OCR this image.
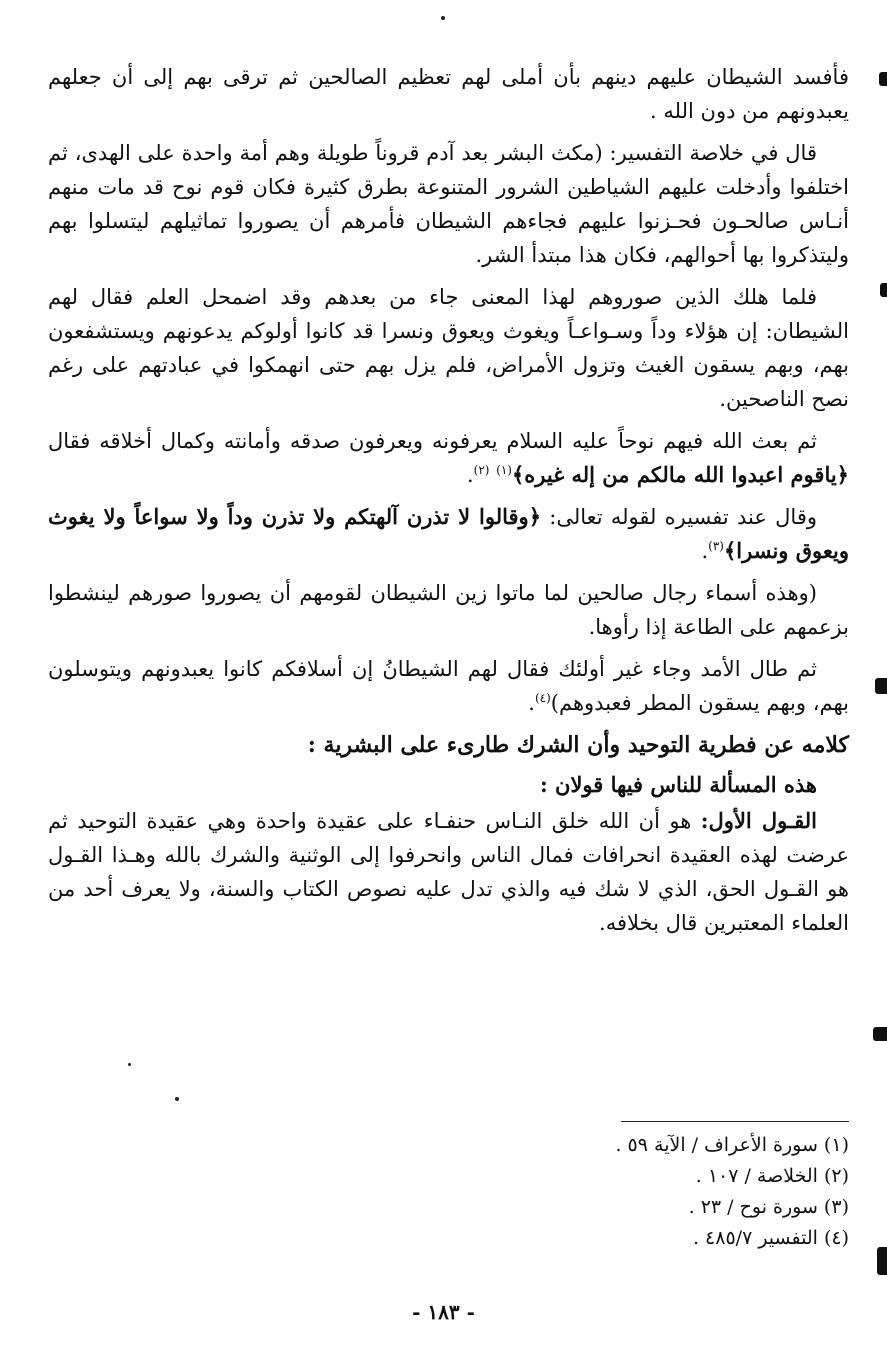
فأفسد الشيطان عليهم دينهم بأن أملى لهم تعظيم الصالحين ثم ترقى بهم إلى أن جعلهم يعبدونهم من دون الله .

قال في خلاصة التفسير: (مكث البشر بعد آدم قروناً طويلة وهم أمة واحدة على الهدى، ثم اختلفوا وأدخلت عليهم الشياطين الشرور المتنوعة بطرق كثيرة فكان قوم نوح قد مات منهم أنـاس صالحـون فحـزنوا عليهم فجاءهم الشيطان فأمرهم أن يصوروا تماثيلهم ليتسلوا بهم وليتذكروا بها أحوالهم، فكان هذا مبتدأ الشر.

فلما هلك الذين صوروهم لهذا المعنى جاء من بعدهم وقد اضمحل العلم فقال لهم الشيطان: إن هؤلاء وداً وسـواعـاً ويغوث ويعوق ونسرا قد كانوا أولوكم يدعونهم ويستشفعون بهم، وبهم يسقون الغيث وتزول الأمراض، فلم يزل بهم حتى انهمكوا في عبادتهم على رغم نصح الناصحين.

ثم بعث الله فيهم نوحاً عليه السلام يعرفونه ويعرفون صدقه وأمانته وكمال أخلاقه فقال ﴿ياقوم اعبدوا الله مالكم من إله غيره﴾$^{(١)}$ $^{(٢)}$.

وقال عند تفسيره لقوله تعالى: ﴿وقالوا لا تذرن آلهتكم ولا تذرن وداً ولا سواعاً ولا يغوث ويعوق ونسرا﴾$^{(٣)}$.

(وهذه أسماء رجال صالحين لما ماتوا زين الشيطان لقومهم أن يصوروا صورهم لينشطوا بزعمهم على الطاعة إذا رأوها.

ثم طال الأمد وجاء غير أولئك فقال لهم الشيطانُ إن أسلافكم كانوا يعبدونهم ويتوسلون بهم، وبهم يسقون المطر فعبدوهم)$^{(٤)}$.

كلامه عن فطرية التوحيد وأن الشرك طارىء على البشرية :

هذه المسألة للناس فيها قولان :

القـول الأول: هو أن الله خلق النـاس حنفـاء على عقيدة واحدة وهي عقيدة التوحيد ثم عرضت لهذه العقيدة انحرافات فمال الناس وانحرفوا إلى الوثنية والشرك بالله وهـذا القـول هو القـول الحق، الذي لا شك فيه والذي تدل عليه نصوص الكتاب والسنة، ولا يعرف أحد من العلماء المعتبرين قال بخلافه.

(١) سورة الأعراف / الآية ٥٩ .

(٢) الخلاصة / ١٠٧ .

(٣) سورة نوح / ٢٣ .

(٤) التفسير ٤٨٥/٧ .

- ١٨٣ -
